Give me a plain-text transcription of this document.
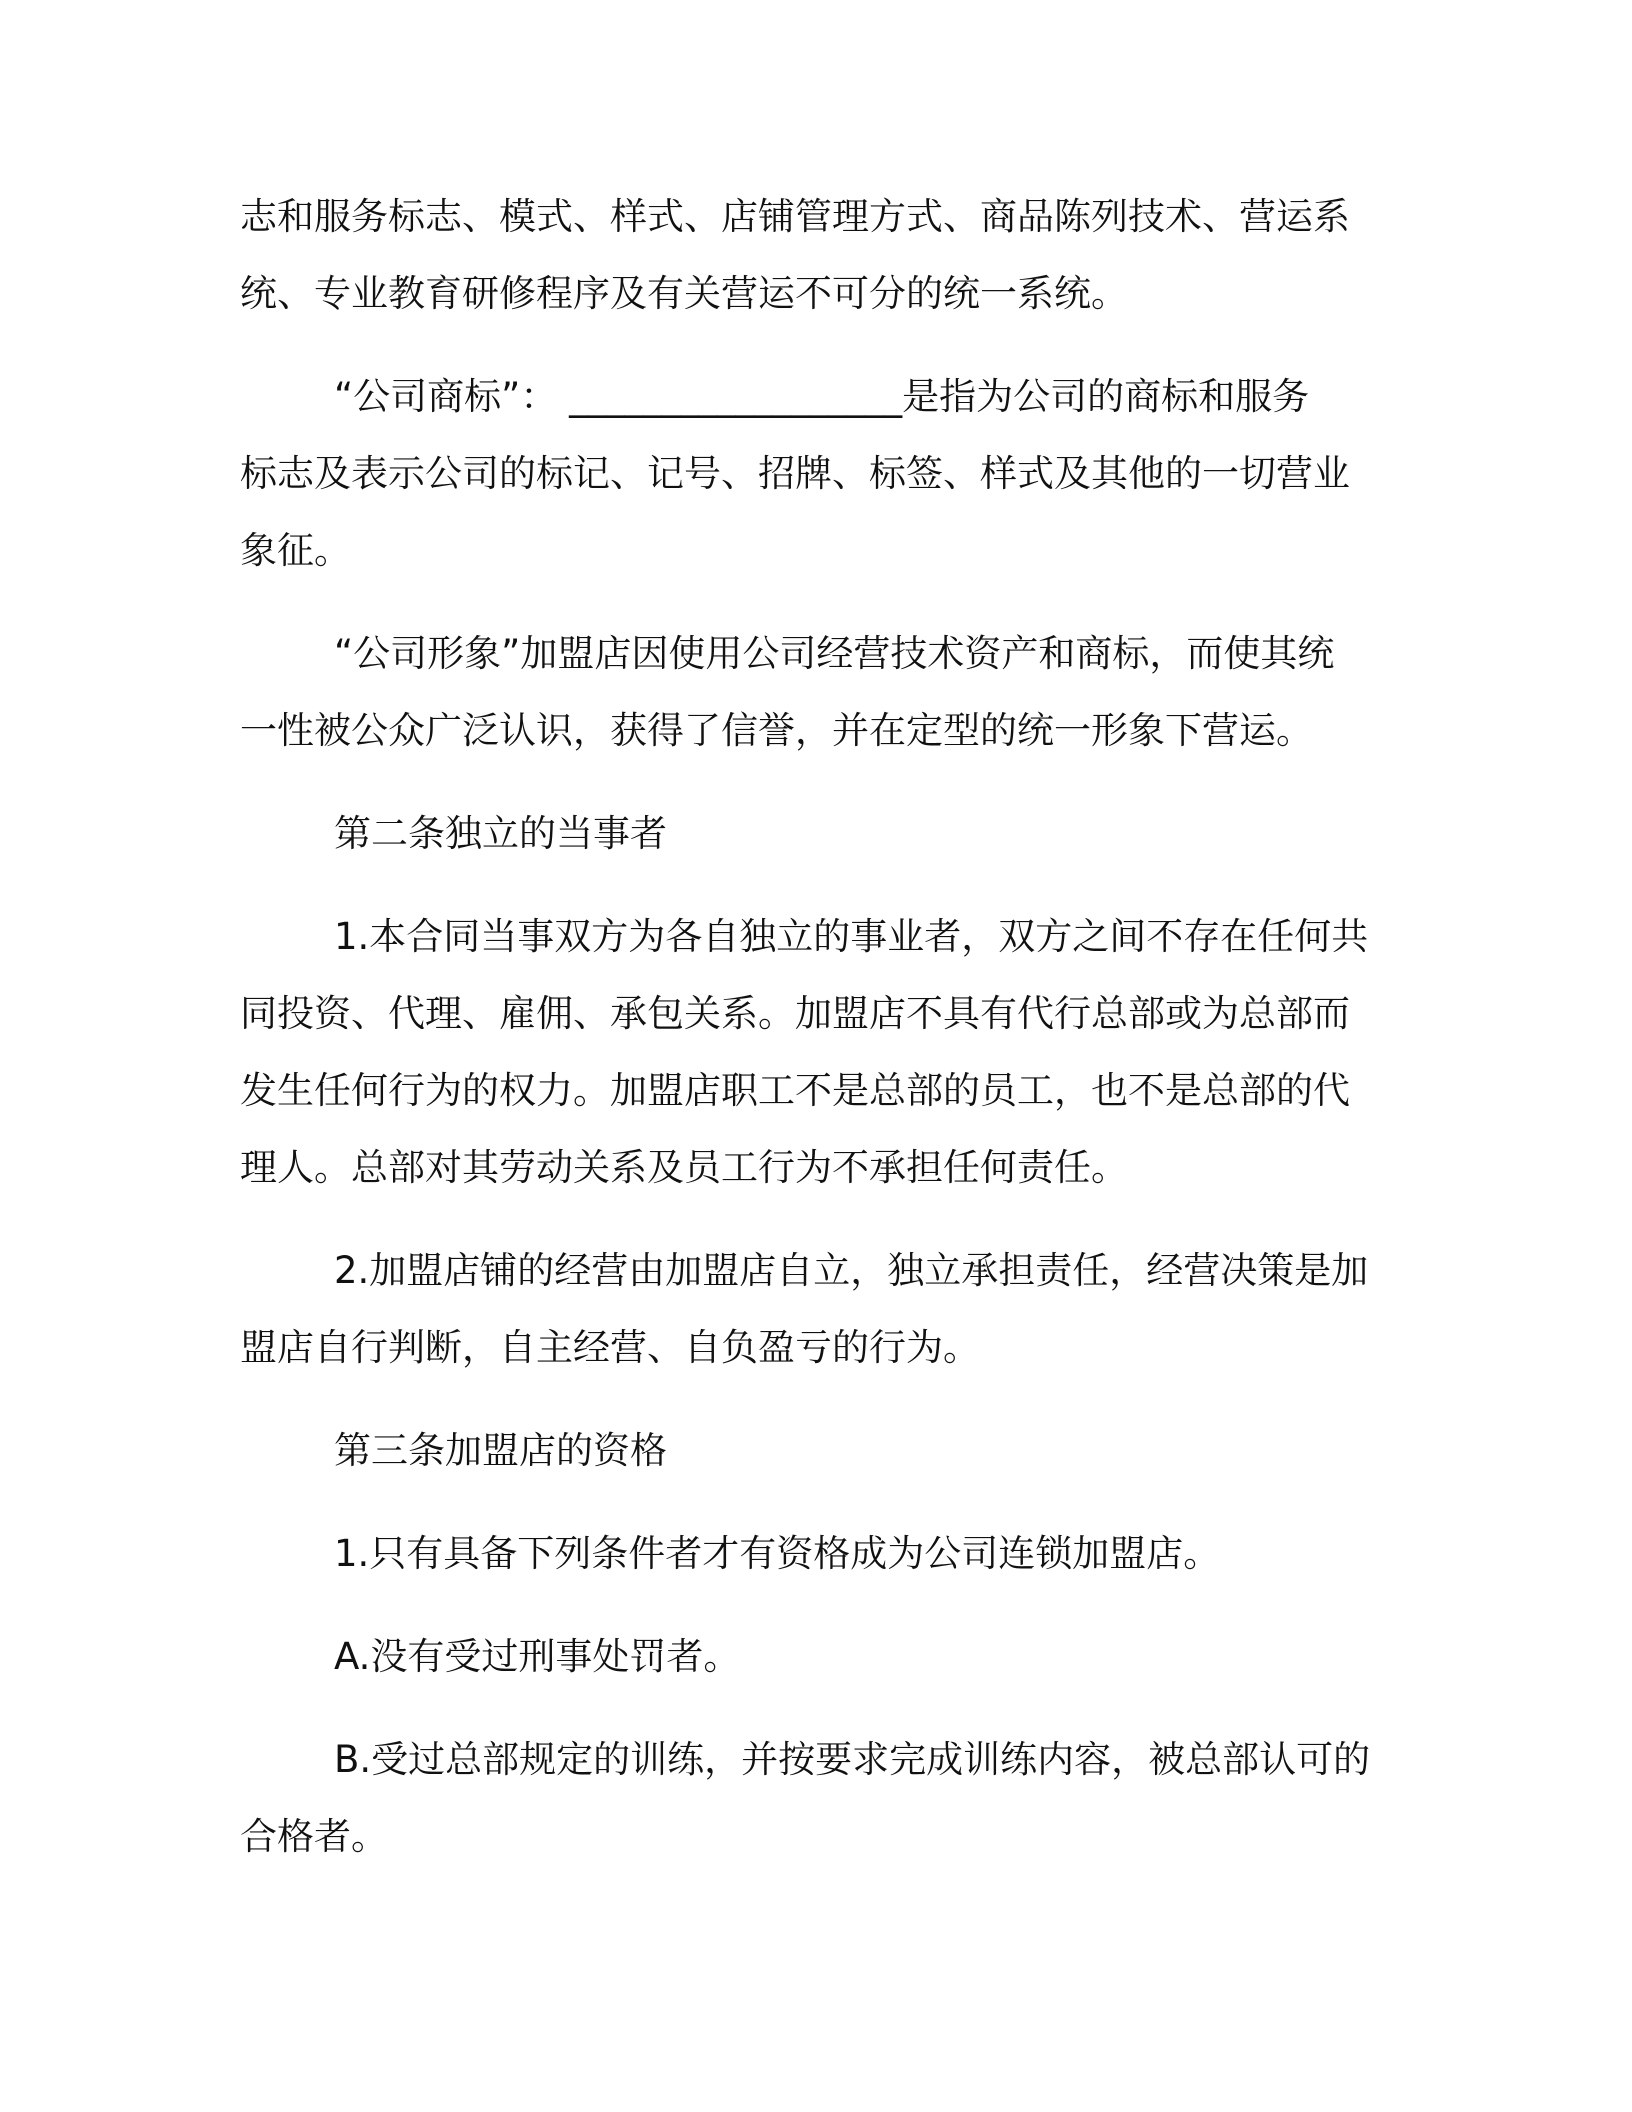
志和服务标志、模式、样式、店铺管理方式、商品陈列技术、营运系
统、专业教育研修程序及有关营运不可分的统一系统。

“公司商标”： __________________是指为公司的商标和服务
标志及表示公司的标记、记号、招牌、标签、样式及其他的一切营业
象征。

“公司形象”加盟店因使用公司经营技术资产和商标，而使其统
一性被公众广泛认识，获得了信誉，并在定型的统一形象下营运。

第二条独立的当事者

1.本合同当事双方为各自独立的事业者，双方之间不存在任何共
同投资、代理、雇佣、承包关系。加盟店不具有代行总部或为总部而
发生任何行为的权力。加盟店职工不是总部的员工，也不是总部的代
理人。总部对其劳动关系及员工行为不承担任何责任。

2.加盟店铺的经营由加盟店自立，独立承担责任，经营决策是加
盟店自行判断，自主经营、自负盈亏的行为。

第三条加盟店的资格

1.只有具备下列条件者才有资格成为公司连锁加盟店。

A.没有受过刑事处罚者。

B.受过总部规定的训练，并按要求完成训练内容，被总部认可的
合格者。
